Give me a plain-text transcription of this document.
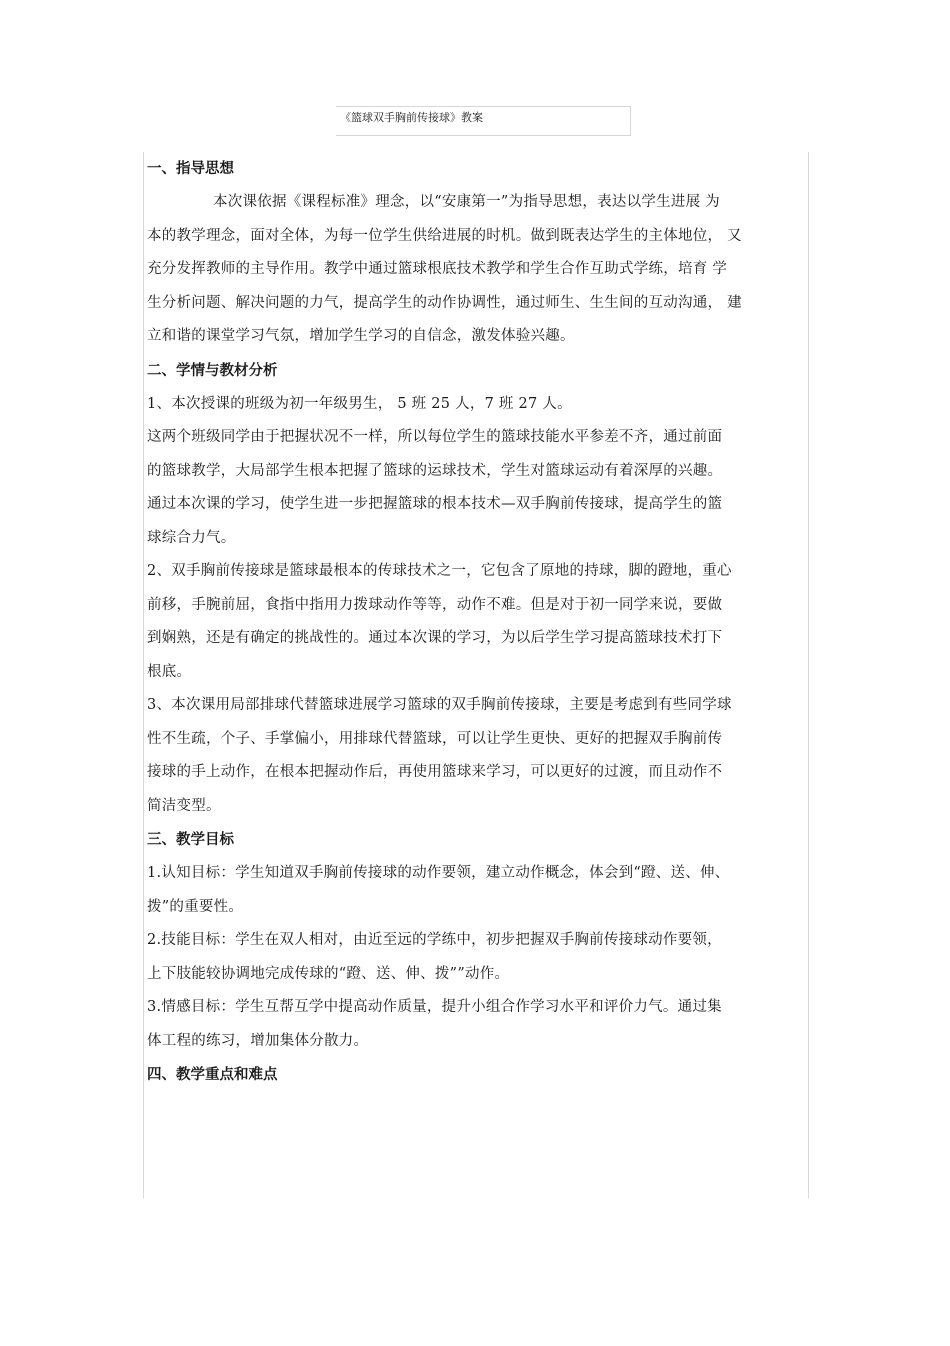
《篮球双手胸前传接球》教案
一、指导思想

本次课依据《课程标准》理念，以“安康第一”为指导思想，表达以学生进展 为

本的教学理念，面对全体，为每一位学生供给进展的时机。做到既表达学生的主体地位， 又

充分发挥教师的主导作用。教学中通过篮球根底技术教学和学生合作互助式学练，培育 学

生分析问题、解决问题的力气，提高学生的动作协调性，通过师生、生生间的互动沟通， 建

立和谐的课堂学习气氛，增加学生学习的自信念，激发体验兴趣。

二、学情与教材分析

1、本次授课的班级为初一年级男生， 5 班 25 人，7 班 27 人。

这两个班级同学由于把握状况不一样，所以每位学生的篮球技能水平参差不齐，通过前面

的篮球教学，大局部学生根本把握了篮球的运球技术，学生对篮球运动有着深厚的兴趣。

通过本次课的学习，使学生进一步把握篮球的根本技术—双手胸前传接球，提高学生的篮

球综合力气。

2、双手胸前传接球是篮球最根本的传球技术之一，它包含了原地的持球，脚的蹬地，重心

前移，手腕前屈，食指中指用力拨球动作等等，动作不难。但是对于初一同学来说，要做

到娴熟，还是有确定的挑战性的。通过本次课的学习，为以后学生学习提高篮球技术打下

根底。

3、本次课用局部排球代替篮球进展学习篮球的双手胸前传接球，主要是考虑到有些同学球

性不生疏，个子、手掌偏小，用排球代替篮球，可以让学生更快、更好的把握双手胸前传

接球的手上动作，在根本把握动作后，再使用篮球来学习，可以更好的过渡，而且动作不

简洁变型。

三、教学目标

1.认知目标：学生知道双手胸前传接球的动作要领，建立动作概念，体会到“蹬、送、伸、

拨”的重要性。

2.技能目标：学生在双人相对，由近至远的学练中，初步把握双手胸前传接球动作要领，

上下肢能较协调地完成传球的“蹬、送、伸、拨””动作。

3.情感目标：学生互帮互学中提高动作质量，提升小组合作学习水平和评价力气。通过集

体工程的练习，增加集体分散力。

四、教学重点和难点
